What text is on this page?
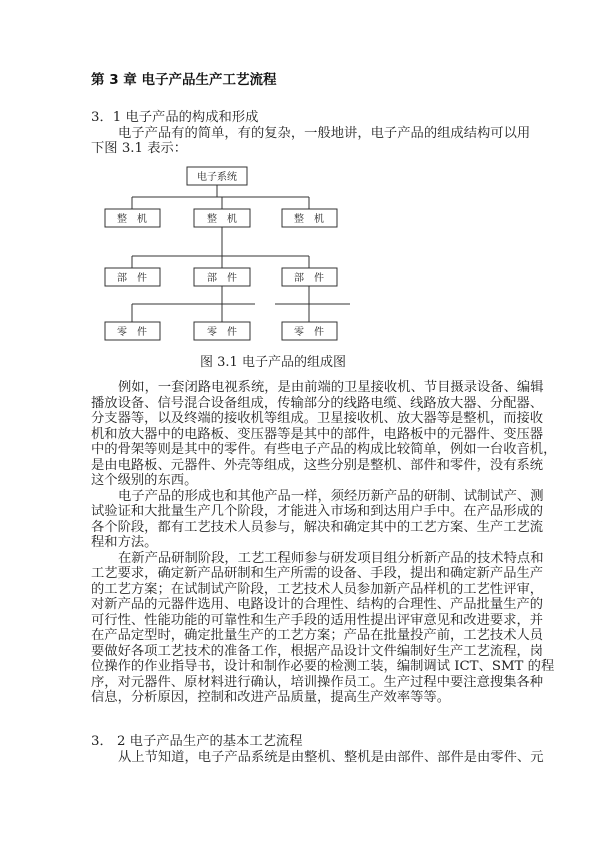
第 3 章 电子产品生产工艺流程
3．1 电子产品的构成和形成
电子产品有的简单，有的复杂，一般地讲，电子产品的组成结构可以用
下图 3.1 表示：
电子系统
整　机	整　机	整　机
部　件	部　件	部　件
零　件	零　件	零　件
图 3.1 电子产品的组成图
例如，一套闭路电视系统，是由前端的卫星接收机、节目摄录设备、编辑
播放设备、信号混合设备组成，传输部分的线路电缆、线路放大器、分配器、
分支器等，以及终端的接收机等组成。卫星接收机、放大器等是整机，而接收
机和放大器中的电路板、变压器等是其中的部件，电路板中的元器件、变压器
中的骨架等则是其中的零件。有些电子产品的构成比较简单，例如一台收音机，
是由电路板、元器件、外壳等组成，这些分别是整机、部件和零件，没有系统
这个级别的东西。
电子产品的形成也和其他产品一样，须经历新产品的研制、试制试产、测
试验证和大批量生产几个阶段，才能进入市场和到达用户手中。在产品形成的
各个阶段，都有工艺技术人员参与，解决和确定其中的工艺方案、生产工艺流
程和方法。
在新产品研制阶段，工艺工程师参与研发项目组分析新产品的技术特点和
工艺要求，确定新产品研制和生产所需的设备、手段，提出和确定新产品生产
的工艺方案；在试制试产阶段，工艺技术人员参加新产品样机的工艺性评审，
对新产品的元器件选用、电路设计的合理性、结构的合理性、产品批量生产的
可行性、性能功能的可靠性和生产手段的适用性提出评审意见和改进要求，并
在产品定型时，确定批量生产的工艺方案；产品在批量投产前，工艺技术人员
要做好各项工艺技术的准备工作，根据产品设计文件编制好生产工艺流程，岗
位操作的作业指导书，设计和制作必要的检测工装，编制调试 ICT、SMT 的程
序，对元器件、原材料进行确认，培训操作员工。生产过程中要注意搜集各种
信息，分析原因，控制和改进产品质量，提高生产效率等等。
3． 2 电子产品生产的基本工艺流程
从上节知道，电子产品系统是由整机、整机是由部件、部件是由零件、元
